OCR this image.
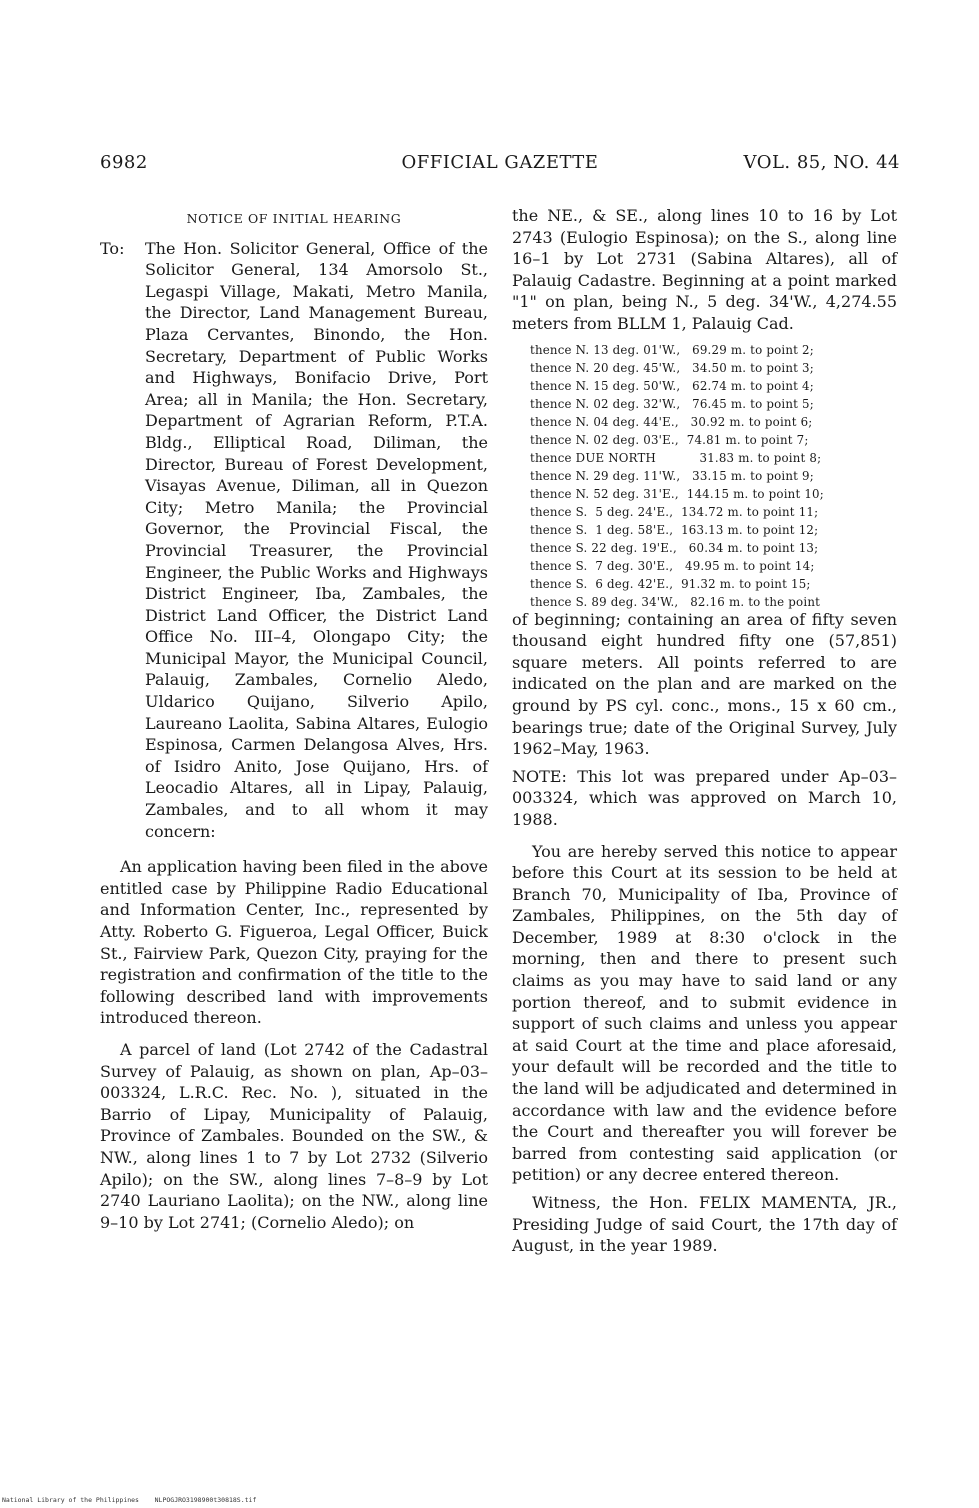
6982	OFFICIAL GAZETTE	VOL. 85, NO. 44
NOTICE OF INITIAL HEARING
To: The Hon. Solicitor General, Office of the Solicitor General, 134 Amorsolo St., Legaspi Village, Makati, Metro Manila, the Director, Land Management Bureau, Plaza Cervantes, Binondo, the Hon. Secretary, Department of Public Works and Highways, Bonifacio Drive, Port Area; all in Manila; the Hon. Secretary, Department of Agrarian Reform, P.T.A. Bldg., Elliptical Road, Diliman, the Director, Bureau of Forest Development, Visayas Avenue, Diliman, all in Quezon City; Metro Manila; the Provincial Governor, the Provincial Fiscal, the Provincial Treasurer, the Provincial Engineer, the Public Works and Highways District Engineer, Iba, Zambales, the District Land Officer, the District Land Office No. III–4, Olongapo City; the Municipal Mayor, the Municipal Council, Palauig, Zambales, Cornelio Aledo, Uldarico Quijano, Silverio Apilo, Laureano Laolita, Sabina Altares, Eulogio Espinosa, Carmen Delangosa Alves, Hrs. of Isidro Anito, Jose Quijano, Hrs. of Leocadio Altares, all in Lipay, Palauig, Zambales, and to all whom it may concern:

An application having been filed in the above entitled case by Philippine Radio Educational and Information Center, Inc., represented by Atty. Roberto G. Figueroa, Legal Officer, Buick St., Fairview Park, Quezon City, praying for the registration and confirmation of the title to the following described land with improvements introduced thereon.

A parcel of land (Lot 2742 of the Cadastral Survey of Palauig, as shown on plan, Ap–03–003324, L.R.C. Rec. No. ), situated in the Barrio of Lipay, Municipality of Palauig, Province of Zambales. Bounded on the SW., & NW., along lines 1 to 7 by Lot 2732 (Silverio Apilo); on the SW., along lines 7–8–9 by Lot 2740 Lauriano Laolita); on the NW., along line 9–10 by Lot 2741; (Cornelio Aledo); on

the NE., & SE., along lines 10 to 16 by Lot 2743 (Eulogio Espinosa); on the S., along line 16–1 by Lot 2731 (Sabina Altares), all of Palauig Cadastre. Beginning at a point marked "1" on plan, being N., 5 deg. 34'W., 4,274.55 meters from BLLM 1, Palauig Cad.

thence N. 13 deg. 01'W.,   69.29 m. to point 2;
thence N. 20 deg. 45'W.,   34.50 m. to point 3;
thence N. 15 deg. 50'W.,   62.74 m. to point 4;
thence N. 02 deg. 32'W.,   76.45 m. to point 5;
thence N. 04 deg. 44'E.,   30.92 m. to point 6;
thence N. 02 deg. 03'E.,  74.81 m. to point 7;
thence DUE NORTH           31.83 m. to point 8;
thence N. 29 deg. 11'W.,   33.15 m. to point 9;
thence N. 52 deg. 31'E.,  144.15 m. to point 10;
thence S.  5 deg. 24'E.,  134.72 m. to point 11;
thence S.  1 deg. 58'E.,  163.13 m. to point 12;
thence S. 22 deg. 19'E.,   60.34 m. to point 13;
thence S.  7 deg. 30'E.,   49.95 m. to point 14;
thence S.  6 deg. 42'E.,  91.32 m. to point 15;
thence S. 89 deg. 34'W.,   82.16 m. to the point

of beginning; containing an area of fifty seven thousand eight hundred fifty one (57,851) square meters. All points referred to are indicated on the plan and are marked on the ground by PS cyl. conc., mons., 15 x 60 cm., bearings true; date of the Original Survey, July 1962–May, 1963.

NOTE: This lot was prepared under Ap–03–003324, which was approved on March 10, 1988.

You are hereby served this notice to appear before this Court at its session to be held at Branch 70, Municipality of Iba, Province of Zambales, Philippines, on the 5th day of December, 1989 at 8:30 o'clock in the morning, then and there to present such claims as you may have to said land or any portion thereof, and to submit evidence in support of such claims and unless you appear at said Court at the time and place aforesaid, your default will be recorded and the title to the land will be adjudicated and determined in accordance with law and the evidence before the Court and thereafter you will forever be barred from contesting said application (or petition) or any decree entered thereon.

Witness, the Hon. FELIX MAMENTA, JR., Presiding Judge of said Court, the 17th day of August, in the year 1989.

National Library of the Philippines NLPOGJRO3198900t30818S.tif
